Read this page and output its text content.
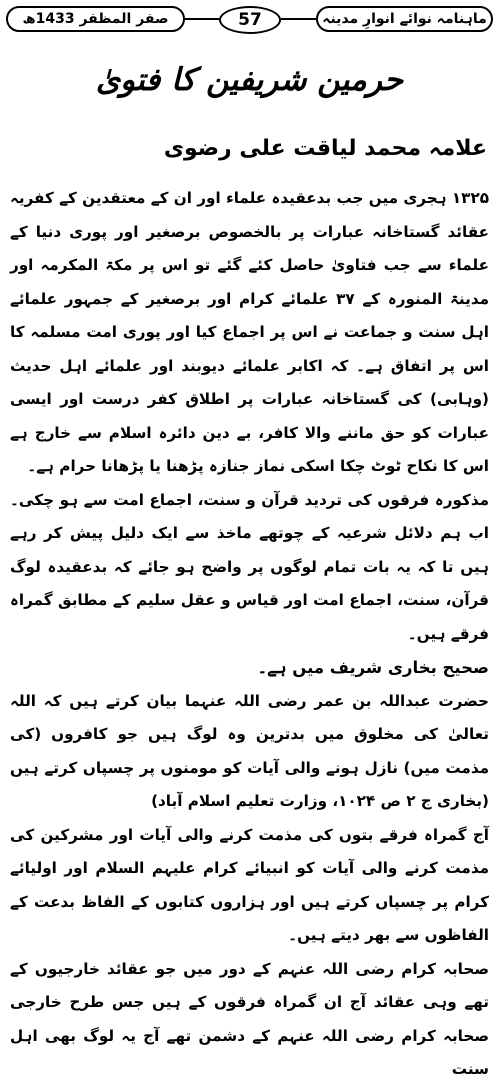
صفر المظفر 1433ھ	57	ماہنامہ نوائے انوارِ مدینہ
حرمین شریفین کا فتویٰ
علامہ محمد لیاقت علی رضوی

۱۳۲۵ ہجری میں جب بدعقیدہ علماء اور ان کے معتقدین کے کفریہ عقائد گستاخانہ عبارات پر بالخصوص برصغیر اور پوری دنیا کے علماء سے جب فتاویٰ حاصل کئے گئے تو اس پر مکۃ المکرمہ اور مدینۃ المنورہ کے ۳۷ علمائے کرام اور برصغیر کے جمہور علمائے اہل سنت و جماعت نے اس پر اجماع کیا اور پوری امت مسلمہ کا اس پر اتفاق ہے۔ کہ اکابر علمائے دیوبند اور علمائے اہل حدیث (وہابی) کی گستاخانہ عبارات پر اطلاق کفر درست اور ایسی عبارات کو حق ماننے والا کافر، بے دین دائرہ اسلام سے خارج ہے اس کا نکاح ٹوٹ چکا اسکی نماز جنازہ پڑھنا یا پڑھانا حرام ہے۔

مذکورہ فرقوں کی تردید قرآن و سنت، اجماع امت سے ہو چکی۔ اب ہم دلائل شرعیہ کے چوتھے ماخذ سے ایک دلیل پیش کر رہے ہیں تا کہ یہ بات تمام لوگوں پر واضح ہو جائے کہ بدعقیدہ لوگ قرآن، سنت، اجماع امت اور قیاس و عقل سلیم کے مطابق گمراہ فرقے ہیں۔

صحیح بخاری شریف میں ہے۔

حضرت عبداللہ بن عمر رضی اللہ عنہما بیان کرتے ہیں کہ اللہ تعالیٰ کی مخلوق میں بدترین وہ لوگ ہیں جو کافروں (کی مذمت میں) نازل ہونے والی آیات کو مومنوں پر چسپاں کرتے ہیں (بخاری ج ۲ ص ۱۰۲۴، وزارت تعلیم اسلام آباد)

آج گمراہ فرقے بتوں کی مذمت کرنے والی آیات اور مشرکین کی مذمت کرنے والی آیات کو انبیائے کرام علیہم السلام اور اولیائے کرام پر چسپاں کرتے ہیں اور ہزاروں کتابوں کے الفاظ بدعت کے الفاظوں سے بھر دیتے ہیں۔

صحابہ کرام رضی اللہ عنہم کے دور میں جو عقائد خارجیوں کے تھے وہی عقائد آج ان گمراہ فرقوں کے ہیں جس طرح خارجی صحابہ کرام رضی اللہ عنہم کے دشمن تھے آج یہ لوگ بھی اہل سنت
